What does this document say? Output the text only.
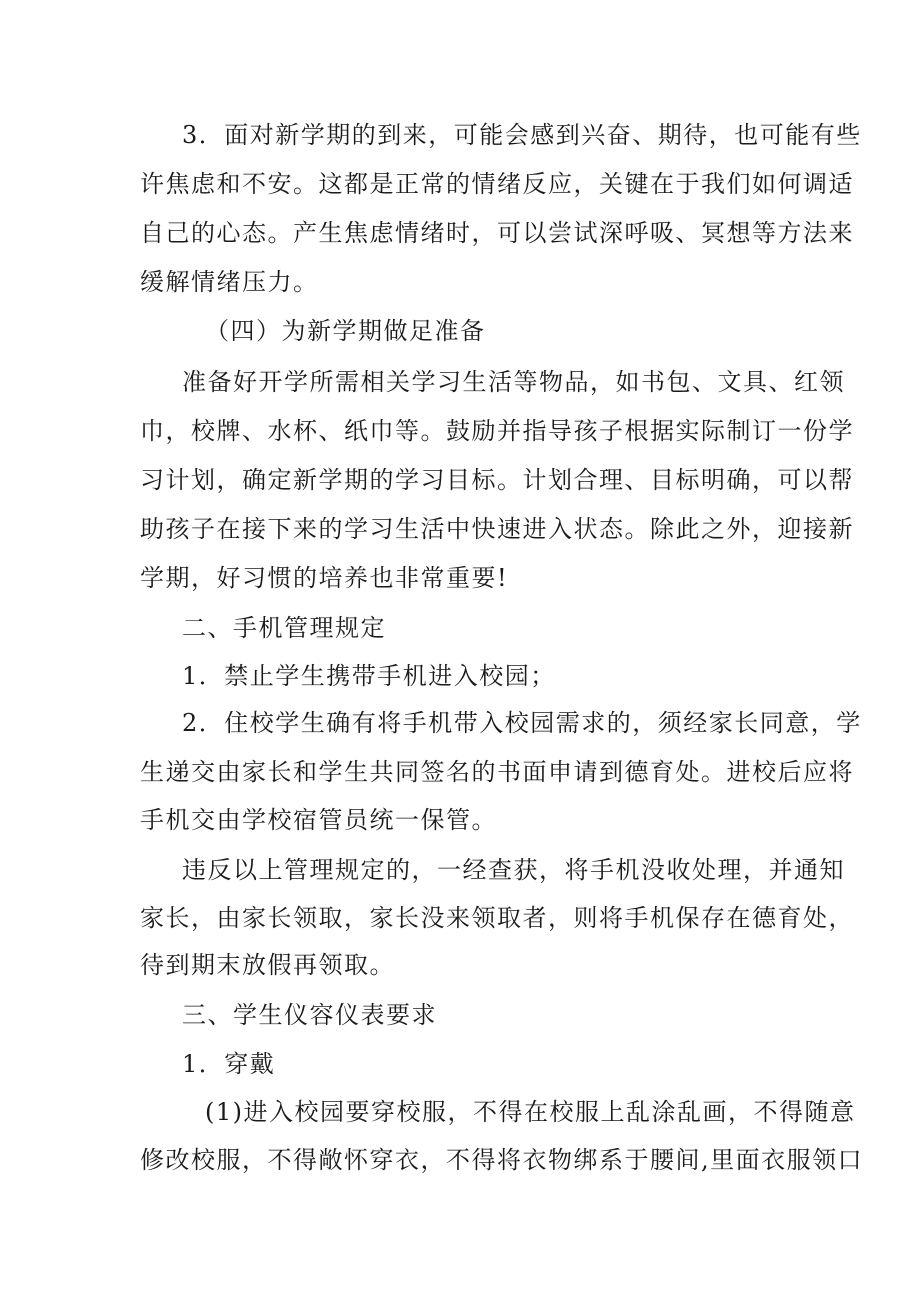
3．面对新学期的到来，可能会感到兴奋、期待，也可能有些
许焦虑和不安。这都是正常的情绪反应，关键在于我们如何调适
自己的心态。产生焦虑情绪时，可以尝试深呼吸、冥想等方法来
缓解情绪压力。
（四）为新学期做足准备
准备好开学所需相关学习生活等物品，如书包、文具、红领
巾，校牌、水杯、纸巾等。鼓励并指导孩子根据实际制订一份学
习计划，确定新学期的学习目标。计划合理、目标明确，可以帮
助孩子在接下来的学习生活中快速进入状态。除此之外，迎接新
学期，好习惯的培养也非常重要!
二、手机管理规定
1．禁止学生携带手机进入校园；
2．住校学生确有将手机带入校园需求的，须经家长同意，学
生递交由家长和学生共同签名的书面申请到德育处。进校后应将
手机交由学校宿管员统一保管。
违反以上管理规定的，一经查获，将手机没收处理，并通知
家长，由家长领取，家长没来领取者，则将手机保存在德育处，
待到期末放假再领取。
三、学生仪容仪表要求
1．穿戴
(1)进入校园要穿校服，不得在校服上乱涂乱画，不得随意
修改校服，不得敞怀穿衣，不得将衣物绑系于腰间,里面衣服领口
